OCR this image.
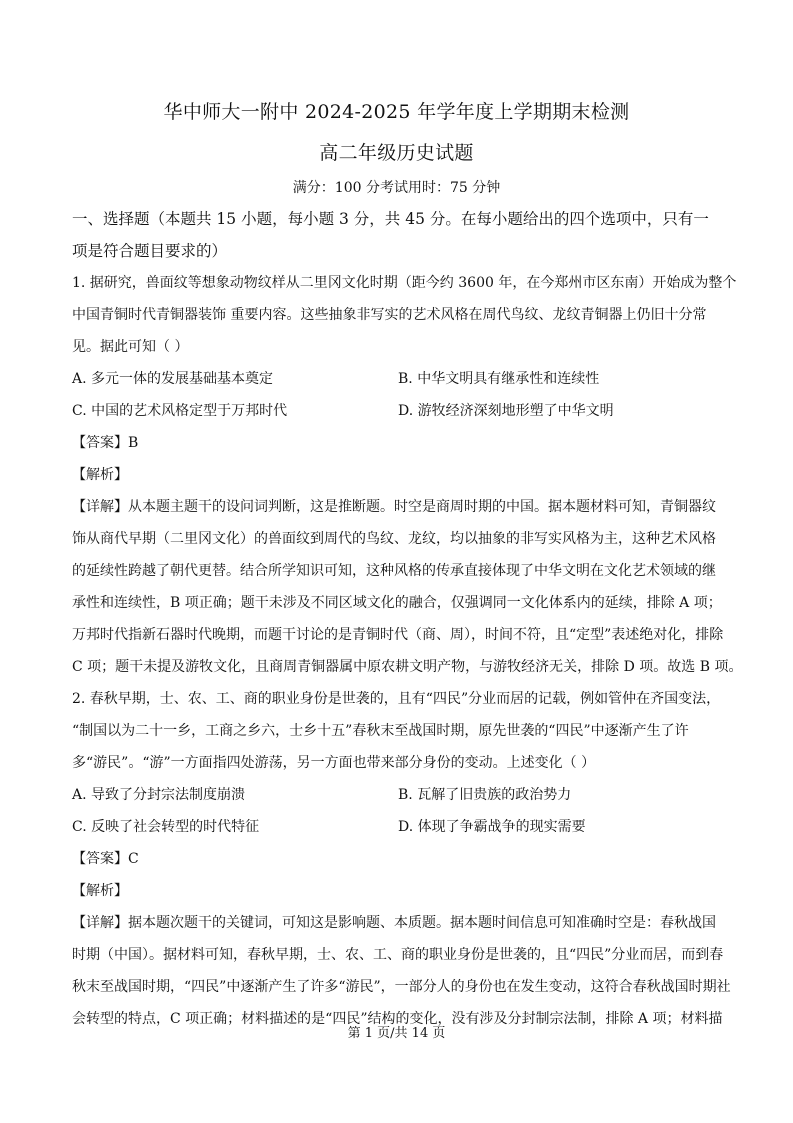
华中师大一附中 2024-2025 年学年度上学期期末检测
高二年级历史试题
满分：100 分考试用时：75 分钟
一、选择题（本题共 15 小题，每小题 3 分，共 45 分。在每小题给出的四个选项中，只有一
项是符合题目要求的）
1. 据研究，兽面纹等想象动物纹样从二里冈文化时期（距今约 3600 年，在今郑州市区东南）开始成为整个
中国青铜时代青铜器装饰 重要内容。这些抽象非写实的艺术风格在周代鸟纹、龙纹青铜器上仍旧十分常
见。据此可知（ ）
A. 多元一体的发展基础基本奠定	B. 中华文明具有继承性和连续性
C. 中国的艺术风格定型于万邦时代	D. 游牧经济深刻地形塑了中华文明
【答案】B
【解析】
【详解】从本题主题干的设问词判断，这是推断题。时空是商周时期的中国。据本题材料可知，青铜器纹
饰从商代早期（二里冈文化）的兽面纹到周代的鸟纹、龙纹，均以抽象的非写实风格为主，这种艺术风格
的延续性跨越了朝代更替。结合所学知识可知，这种风格的传承直接体现了中华文明在文化艺术领域的继
承性和连续性，B 项正确；题干未涉及不同区域文化的融合，仅强调同一文化体系内的延续，排除 A 项；
万邦时代指新石器时代晚期，而题干讨论的是青铜时代（商、周），时间不符，且“定型”表述绝对化，排除
C 项；题干未提及游牧文化，且商周青铜器属中原农耕文明产物，与游牧经济无关，排除 D 项。故选 B 项。
2. 春秋早期，士、农、工、商的职业身份是世袭的，且有“四民”分业而居的记载，例如管仲在齐国变法，
“制国以为二十一乡，工商之乡六，士乡十五”春秋末至战国时期，原先世袭的“四民”中逐渐产生了许
多“游民”。“游”一方面指四处游荡，另一方面也带来部分身份的变动。上述变化（ ）
A. 导致了分封宗法制度崩溃	B. 瓦解了旧贵族的政治势力
C. 反映了社会转型的时代特征	D. 体现了争霸战争的现实需要
【答案】C
【解析】
【详解】据本题次题干的关键词，可知这是影响题、本质题。据本题时间信息可知准确时空是：春秋战国
时期（中国）。据材料可知，春秋早期，士、农、工、商的职业身份是世袭的，且“四民”分业而居，而到春
秋末至战国时期，“四民”中逐渐产生了许多“游民”，一部分人的身份也在发生变动，这符合春秋战国时期社
会转型的特点，C 项正确；材料描述的是“四民”结构的变化，没有涉及分封制宗法制，排除 A 项；材料描
第 1 页/共 14 页
